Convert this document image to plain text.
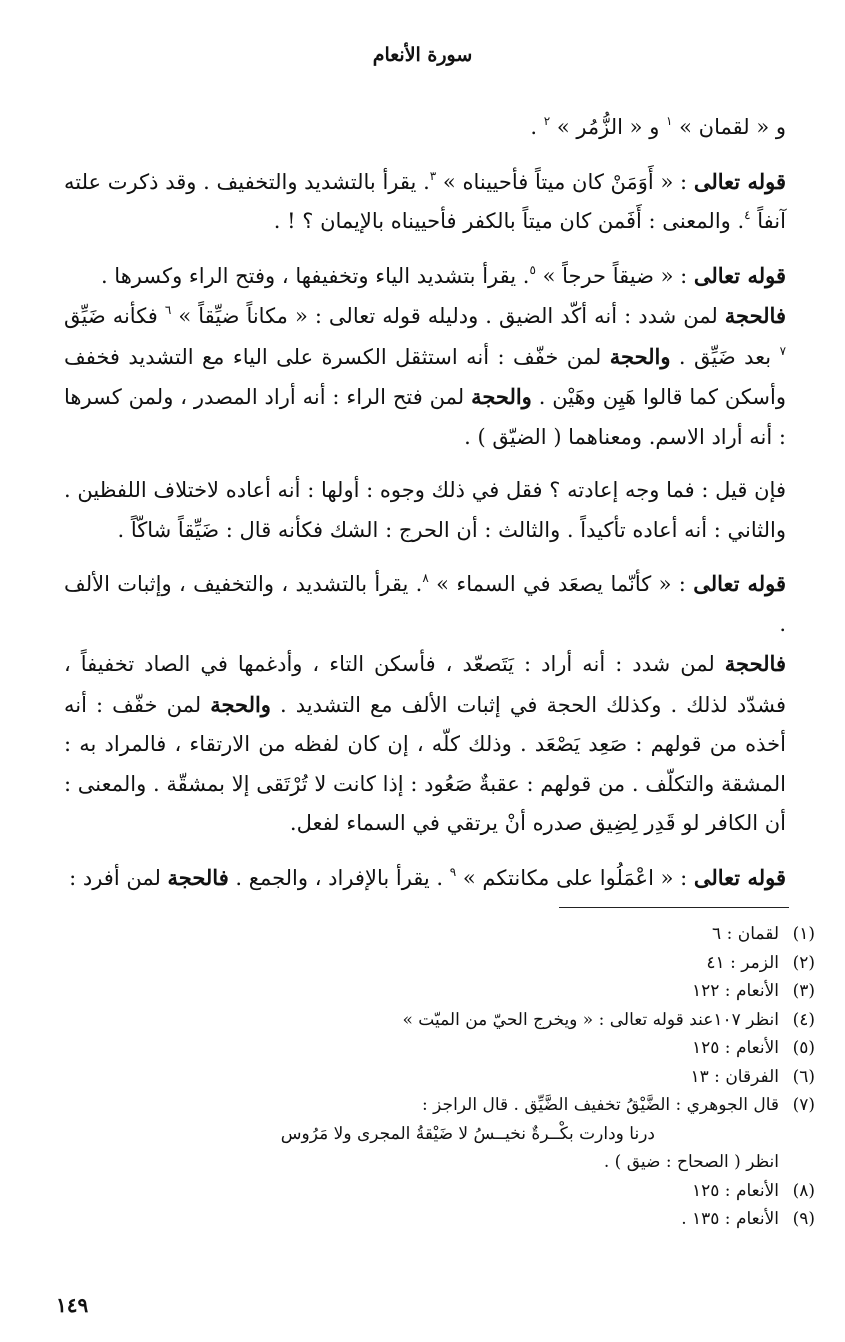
سورة الأنعام

و « لقمان » $^١$ و « الزُّمُر » $^٢$ .

قوله تعالى : « أَوَمَنْ كان ميتاً فأحييناه » $^٣$. يقرأ بالتشديد والتخفيف . وقد ذكرت علته آنفاً $^٤$. والمعنى : أَفَمن كان ميتاً بالكفر فأحييناه بالإيمان ؟ ! .

قوله تعالى : « ضيقاً حرجاً » $^٥$. يقرأ بتشديد الياء وتخفيفها ، وفتح الراء وكسرها .

فالحجة لمن شدد : أنه أكّد الضيق . ودليله قوله تعالى : « مكاناً ضيِّقاً » $^٦$ فكأنه ضَيِّق $^٧$ بعد ضَيِّق . والحجة لمن خفّف : أنه استثقل الكسرة على الياء مع التشديد فخفف وأسكن كما قالوا هَيِن وهَيْن . والحجة لمن فتح الراء : أنه أراد المصدر ، ولمن كسرها : أنه أراد الاسم. ومعناهما ( الضيّق ) .

فإن قيل : فما وجه إعادته ؟ فقل في ذلك وجوه : أولها : أنه أعاده لاختلاف اللفظين . والثاني : أنه أعاده تأكيداً . والثالث : أن الحرج : الشك فكأنه قال : ضَيِّقاً شاكّاً .

قوله تعالى : « كأنّما يصعَد في السماء » $^٨$. يقرأ بالتشديد ، والتخفيف ، وإثبات الألف .

فالحجة لمن شدد : أنه أراد : يَتَصعّد ، فأسكن التاء ، وأدغمها في الصاد تخفيفاً ، فشدّد لذلك . وكذلك الحجة في إثبات الألف مع التشديد . والحجة لمن خفّف : أنه أخذه من قولهم : صَعِد يَصْعَد . وذلك كلّه ، إن كان لفظه من الارتقاء ، فالمراد به : المشقة والتكلّف . من قولهم : عقبةٌ صَعُود : إذا كانت لا تُرْتَقى إلا بمشقّة . والمعنى : أن الكافر لو قَدِر لِضِيق صدره أنْ يرتقي في السماء لفعل.

قوله تعالى : « اعْمَلُوا على مكانتكم » $^٩$ . يقرأ بالإفراد ، والجمع . فالحجة لمن أفرد :

(١)لقمان : ٦
(٢)الزمر : ٤١
(٣)الأنعام : ١٢٢
(٤)انظر ١٠٧عند قوله تعالى : « ويخرج الحيّ من الميّت »
(٥)الأنعام : ١٢٥
(٦)الفرقان : ١٣
(٧)قال الجوهري : الضَّيْقُ تخفيف الضَّيِّق . قال الراجز :
درنا ودارت بكْــرةٌ نخيــسُ لا ضَيْقةُ المجرى ولا مَرُوس
انظر ( الصحاح : ضيق ) .
(٨)الأنعام : ١٢٥
(٩)الأنعام : ١٣٥ .
١٤٩
